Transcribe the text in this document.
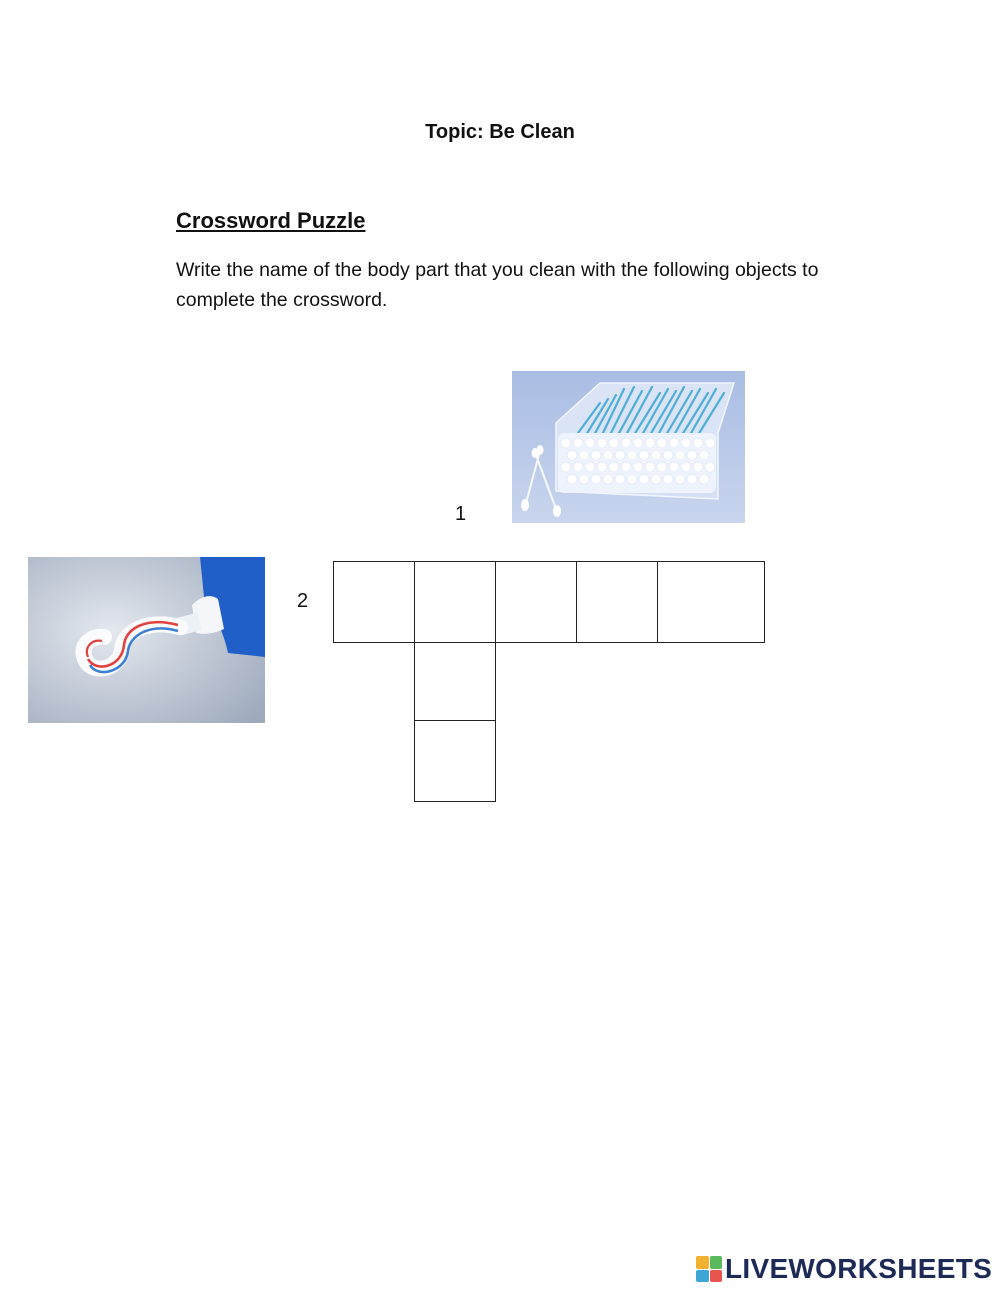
Topic: Be Clean
Crossword Puzzle
Write the name of the body part that you clean with the following objects to complete the crossword.
1
2
LIVEWORKSHEETS
